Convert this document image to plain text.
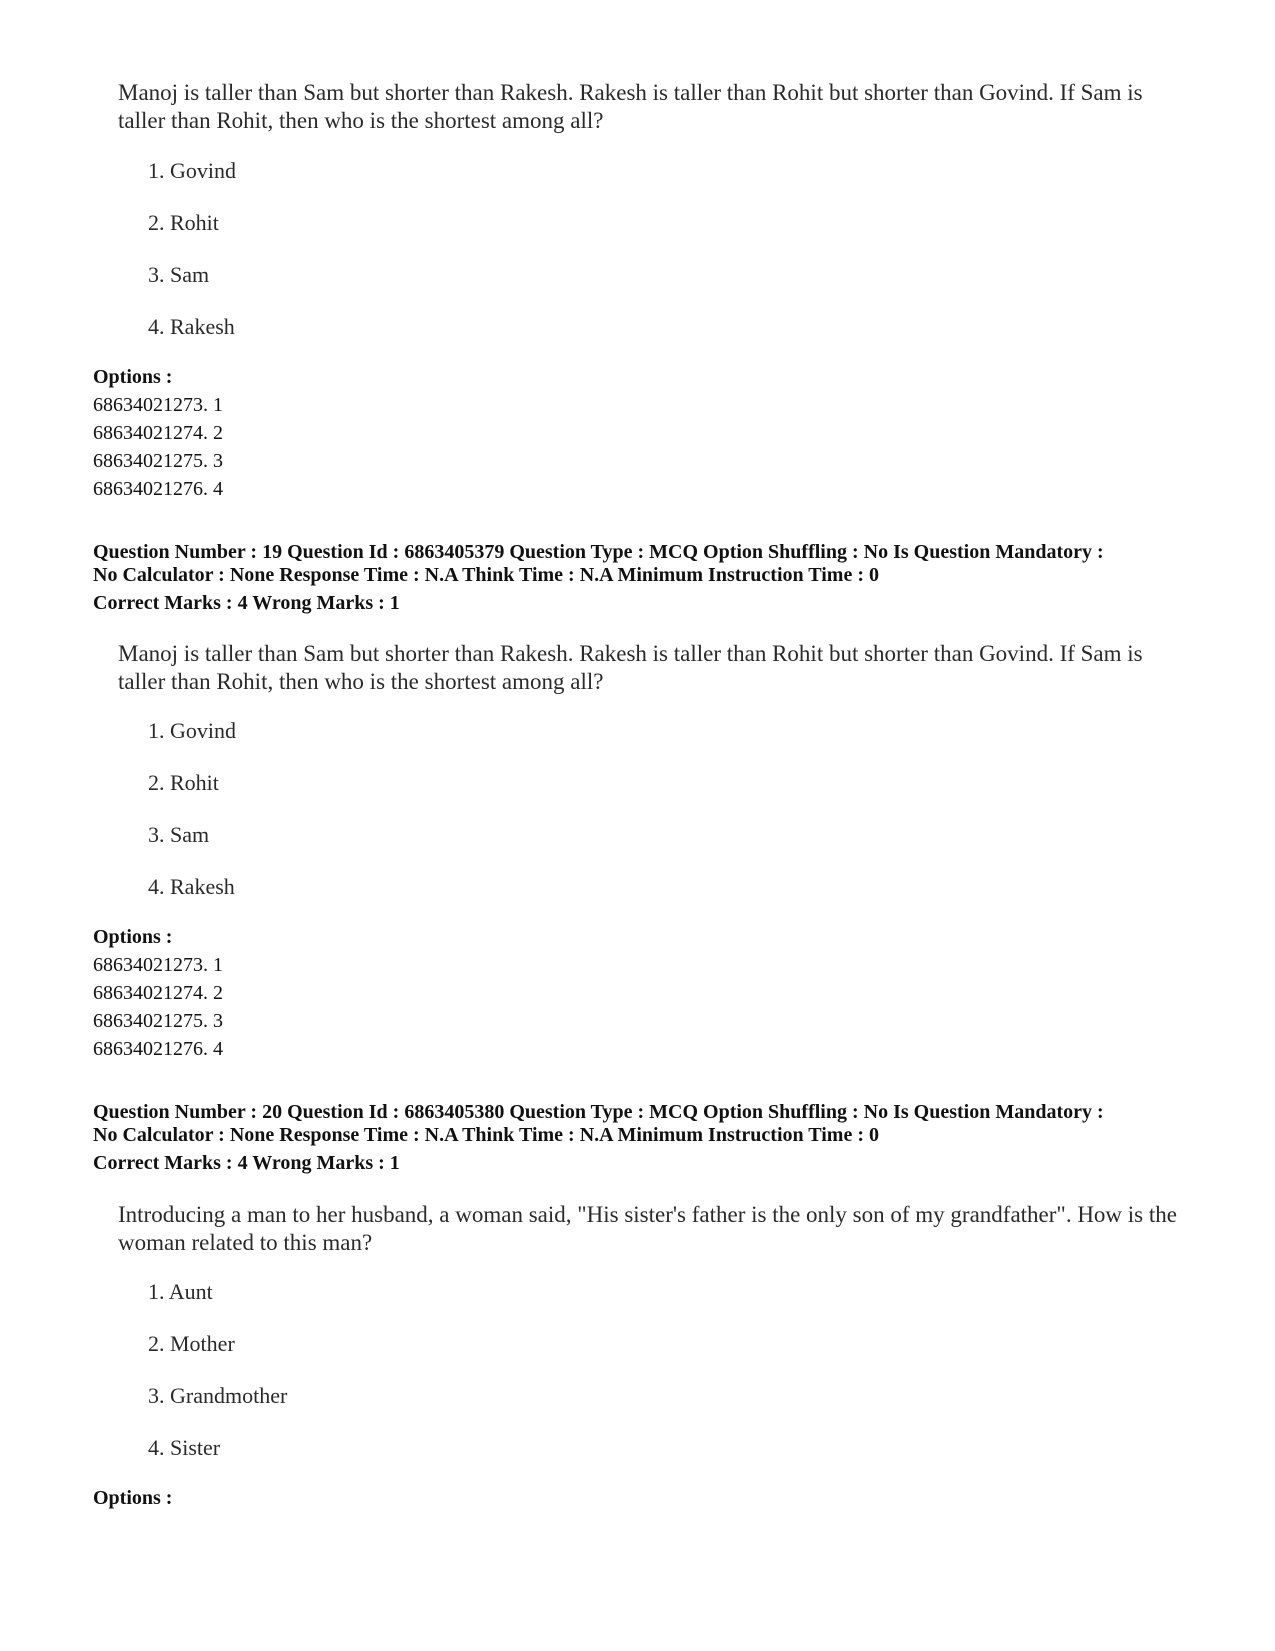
Manoj is taller than Sam but shorter than Rakesh. Rakesh is taller than Rohit but shorter than Govind. If Sam is taller than Rohit, then who is the shortest among all?

1. Govind

2. Rohit

3. Sam

4. Rakesh

Options :

68634021273. 1

68634021274. 2

68634021275. 3

68634021276. 4

Question Number : 19 Question Id : 6863405379 Question Type : MCQ Option Shuffling : No Is Question Mandatory :

No Calculator : None Response Time : N.A Think Time : N.A Minimum Instruction Time : 0

Correct Marks : 4 Wrong Marks : 1

Manoj is taller than Sam but shorter than Rakesh. Rakesh is taller than Rohit but shorter than Govind. If Sam is taller than Rohit, then who is the shortest among all?

1. Govind

2. Rohit

3. Sam

4. Rakesh

Options :

68634021273. 1

68634021274. 2

68634021275. 3

68634021276. 4

Question Number : 20 Question Id : 6863405380 Question Type : MCQ Option Shuffling : No Is Question Mandatory :

No Calculator : None Response Time : N.A Think Time : N.A Minimum Instruction Time : 0

Correct Marks : 4 Wrong Marks : 1

Introducing a man to her husband, a woman said, "His sister's father is the only son of my grandfather". How is the woman related to this man?

1. Aunt

2. Mother

3. Grandmother

4. Sister

Options :
